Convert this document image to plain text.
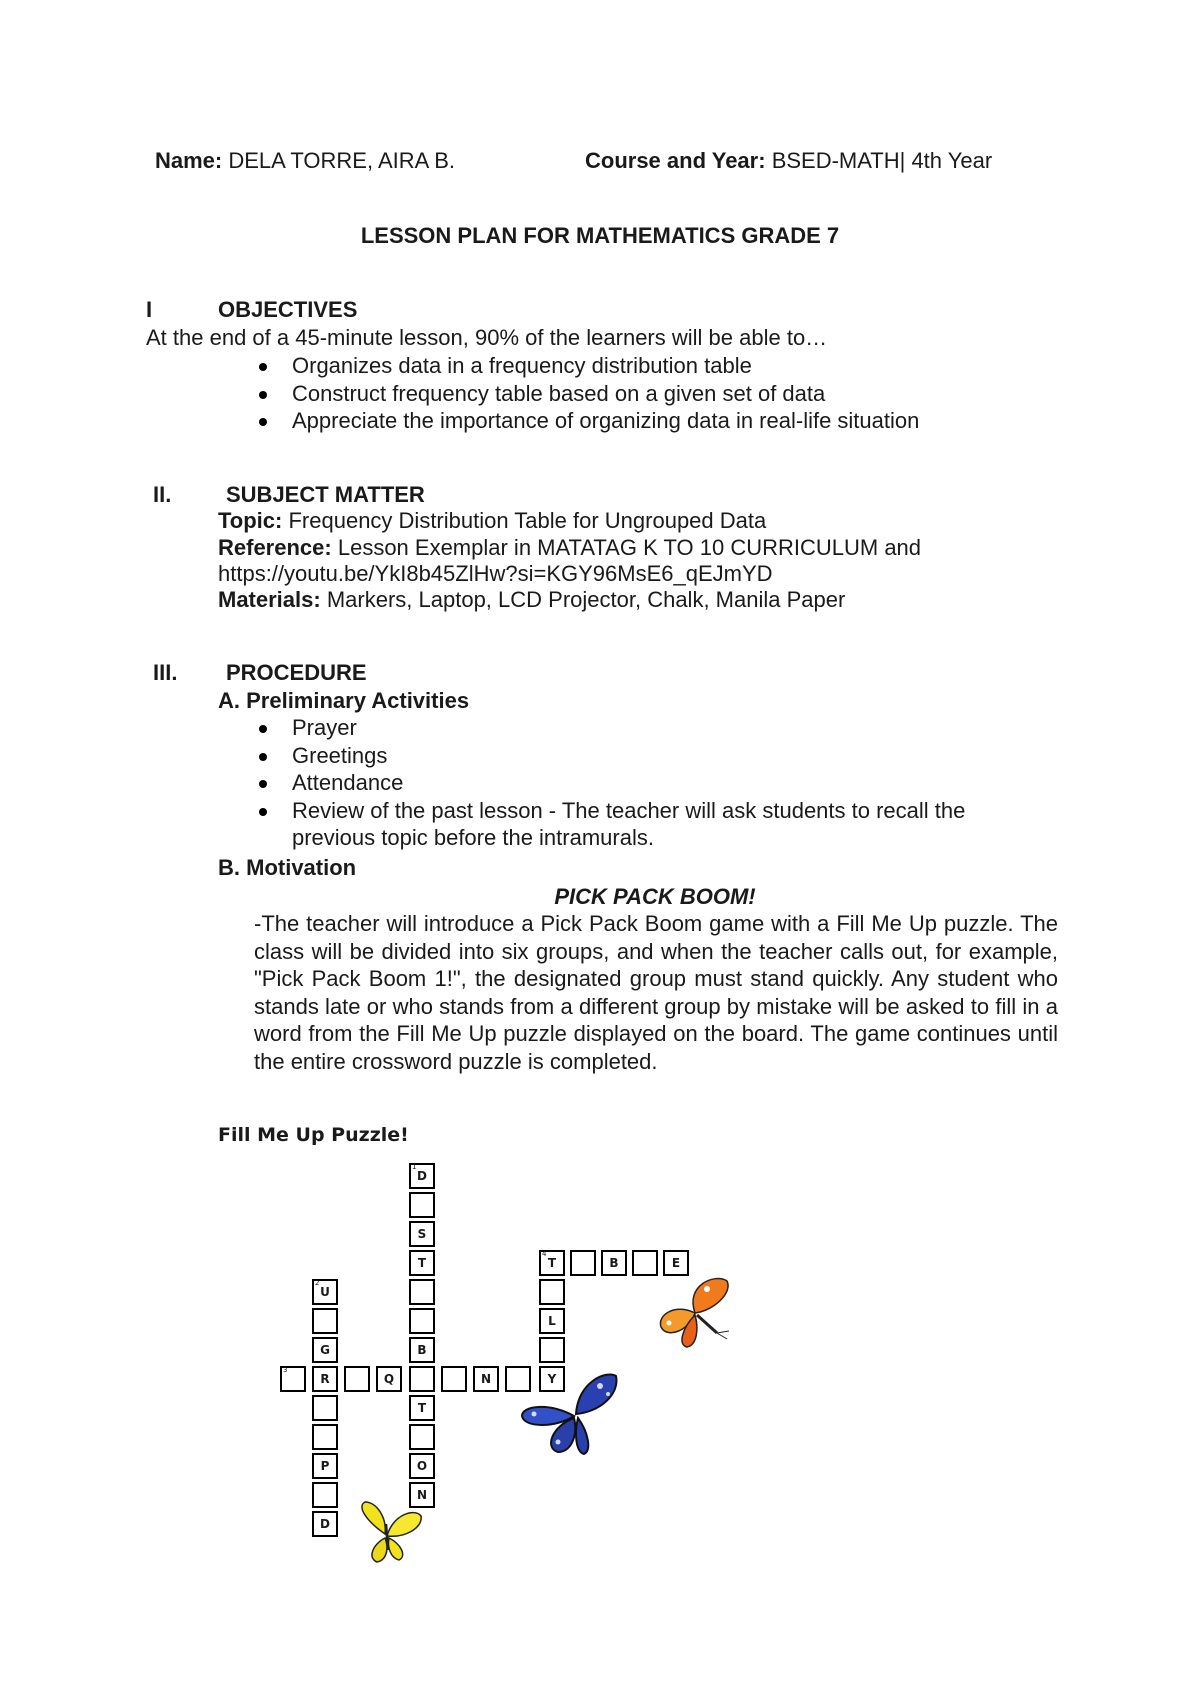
Name: DELA TORRE, AIRA B.	Course and Year: BSED-MATH| 4th Year
LESSON PLAN FOR MATHEMATICS GRADE 7
I	OBJECTIVES
At the end of a 45-minute lesson, 90% of the learners will be able to…
Organizes data in a frequency distribution table
Construct frequency table based on a given set of data
Appreciate the importance of organizing data in real-life situation
II. SUBJECT MATTER
Topic: Frequency Distribution Table for Ungrouped Data
Reference: Lesson Exemplar in MATATAG K TO 10 CURRICULUM and
https://youtu.be/YkI8b45ZlHw?si=KGY96MsE6_qEJmYD
Materials: Markers, Laptop, LCD Projector, Chalk, Manila Paper
III. PROCEDURE
A. Preliminary Activities
Prayer
Greetings
Attendance
Review of the past lesson - The teacher will ask students to recall the
previous topic before the intramurals.
B. Motivation
PICK PACK BOOM!
-The teacher will introduce a Pick Pack Boom game with a Fill Me Up puzzle. The class will be divided into six groups, and when the teacher calls out, for example, "Pick Pack Boom 1!", the designated group must stand quickly. Any student who stands late or who stands from a different group by mistake will be asked to fill in a word from the Fill Me Up puzzle displayed on the board. The game continues until the entire crossword puzzle is completed.
Fill Me Up Puzzle!
1
D
S
T
B
T
O
N
2
U
G
R
P
D
3
Q	N	Y
4
T	B	E
L
